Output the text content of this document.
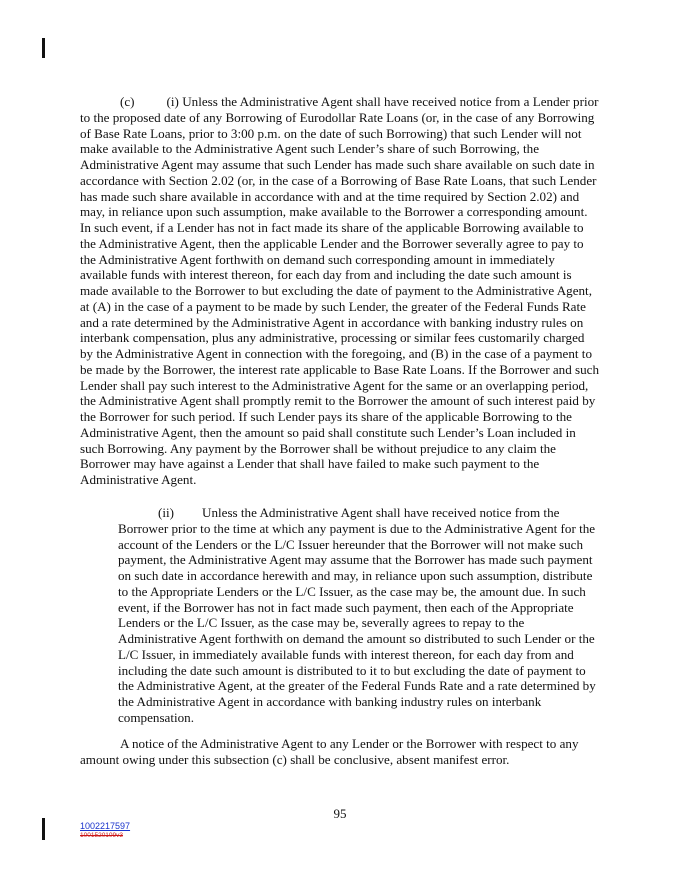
(c) (i) Unless the Administrative Agent shall have received notice from a Lender prior to the proposed date of any Borrowing of Eurodollar Rate Loans (or, in the case of any Borrowing of Base Rate Loans, prior to 3:00 p.m. on the date of such Borrowing) that such Lender will not make available to the Administrative Agent such Lender’s share of such Borrowing, the Administrative Agent may assume that such Lender has made such share available on such date in accordance with Section 2.02 (or, in the case of a Borrowing of Base Rate Loans, that such Lender has made such share available in accordance with and at the time required by Section 2.02) and may, in reliance upon such assumption, make available to the Borrower a corresponding amount. In such event, if a Lender has not in fact made its share of the applicable Borrowing available to the Administrative Agent, then the applicable Lender and the Borrower severally agree to pay to the Administrative Agent forthwith on demand such corresponding amount in immediately available funds with interest thereon, for each day from and including the date such amount is made available to the Borrower to but excluding the date of payment to the Administrative Agent, at (A) in the case of a payment to be made by such Lender, the greater of the Federal Funds Rate and a rate determined by the Administrative Agent in accordance with banking industry rules on interbank compensation, plus any administrative, processing or similar fees customarily charged by the Administrative Agent in connection with the foregoing, and (B) in the case of a payment to be made by the Borrower, the interest rate applicable to Base Rate Loans. If the Borrower and such Lender shall pay such interest to the Administrative Agent for the same or an overlapping period, the Administrative Agent shall promptly remit to the Borrower the amount of such interest paid by the Borrower for such period. If such Lender pays its share of the applicable Borrowing to the Administrative Agent, then the amount so paid shall constitute such Lender’s Loan included in such Borrowing. Any payment by the Borrower shall be without prejudice to any claim the Borrower may have against a Lender that shall have failed to make such payment to the Administrative Agent.
(ii) Unless the Administrative Agent shall have received notice from the Borrower prior to the time at which any payment is due to the Administrative Agent for the account of the Lenders or the L/C Issuer hereunder that the Borrower will not make such payment, the Administrative Agent may assume that the Borrower has made such payment on such date in accordance herewith and may, in reliance upon such assumption, distribute to the Appropriate Lenders or the L/C Issuer, as the case may be, the amount due. In such event, if the Borrower has not in fact made such payment, then each of the Appropriate Lenders or the L/C Issuer, as the case may be, severally agrees to repay to the Administrative Agent forthwith on demand the amount so distributed to such Lender or the L/C Issuer, in immediately available funds with interest thereon, for each day from and including the date such amount is distributed to it to but excluding the date of payment to the Administrative Agent, at the greater of the Federal Funds Rate and a rate determined by the Administrative Agent in accordance with banking industry rules on interbank compensation.
A notice of the Administrative Agent to any Lender or the Borrower with respect to any amount owing under this subsection (c) shall be conclusive, absent manifest error.
95
1002217597
1001520109v3
